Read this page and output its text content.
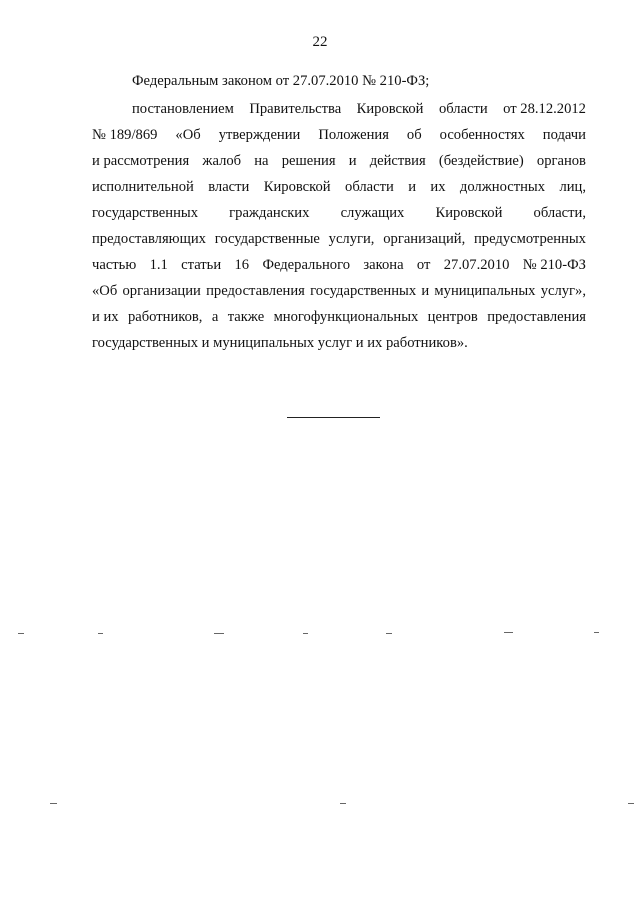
22
Федеральным законом от 27.07.2010 № 210-ФЗ;
постановлением Правительства Кировской области от 28.12.2012
№ 189/869 «Об утверждении Положения об особенностях подачи
и рассмотрения жалоб на решения и действия (бездействие) органов
исполнительной власти Кировской области и их должностных лиц,
государственных гражданских служащих Кировской области,
предоставляющих государственные услуги, организаций, предусмотренных
частью 1.1 статьи 16 Федерального закона от 27.07.2010 № 210-ФЗ
«Об организации предоставления государственных и муниципальных услуг»,
и их работников, а также многофункциональных центров предоставления
государственных и муниципальных услуг и их работников».
